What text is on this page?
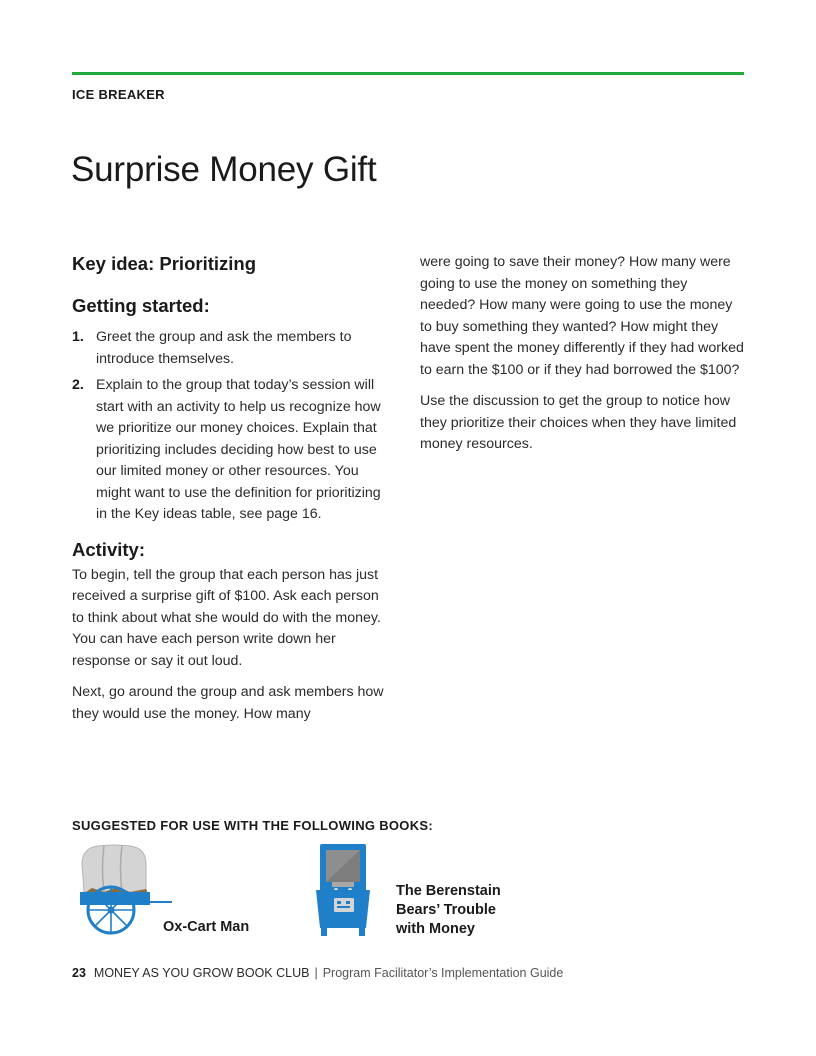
ICE BREAKER
Surprise Money Gift
Key idea: Prioritizing
Getting started:
1. Greet the group and ask the members to introduce themselves.
2. Explain to the group that today’s session will start with an activity to help us recognize how we prioritize our money choices. Explain that prioritizing includes deciding how best to use our limited money or other resources. You might want to use the definition for prioritizing in the Key ideas table, see page 16.
Activity:

To begin, tell the group that each person has just received a surprise gift of $100. Ask each person to think about what she would do with the money. You can have each person write down her response or say it out loud.

Next, go around the group and ask members how they would use the money. How many

were going to save their money? How many were going to use the money on something they needed? How many were going to use the money to buy something they wanted? How might they have spent the money differently if they had worked to earn the $100 or if they had borrowed the $100?

Use the discussion to get the group to notice how they prioritize their choices when they have limited money resources.

SUGGESTED FOR USE WITH THE FOLLOWING BOOKS:
Ox-Cart Man
The Berenstain Bears’ Trouble with Money
23 MONEY AS YOU GROW BOOK CLUB | Program Facilitator’s Implementation Guide
